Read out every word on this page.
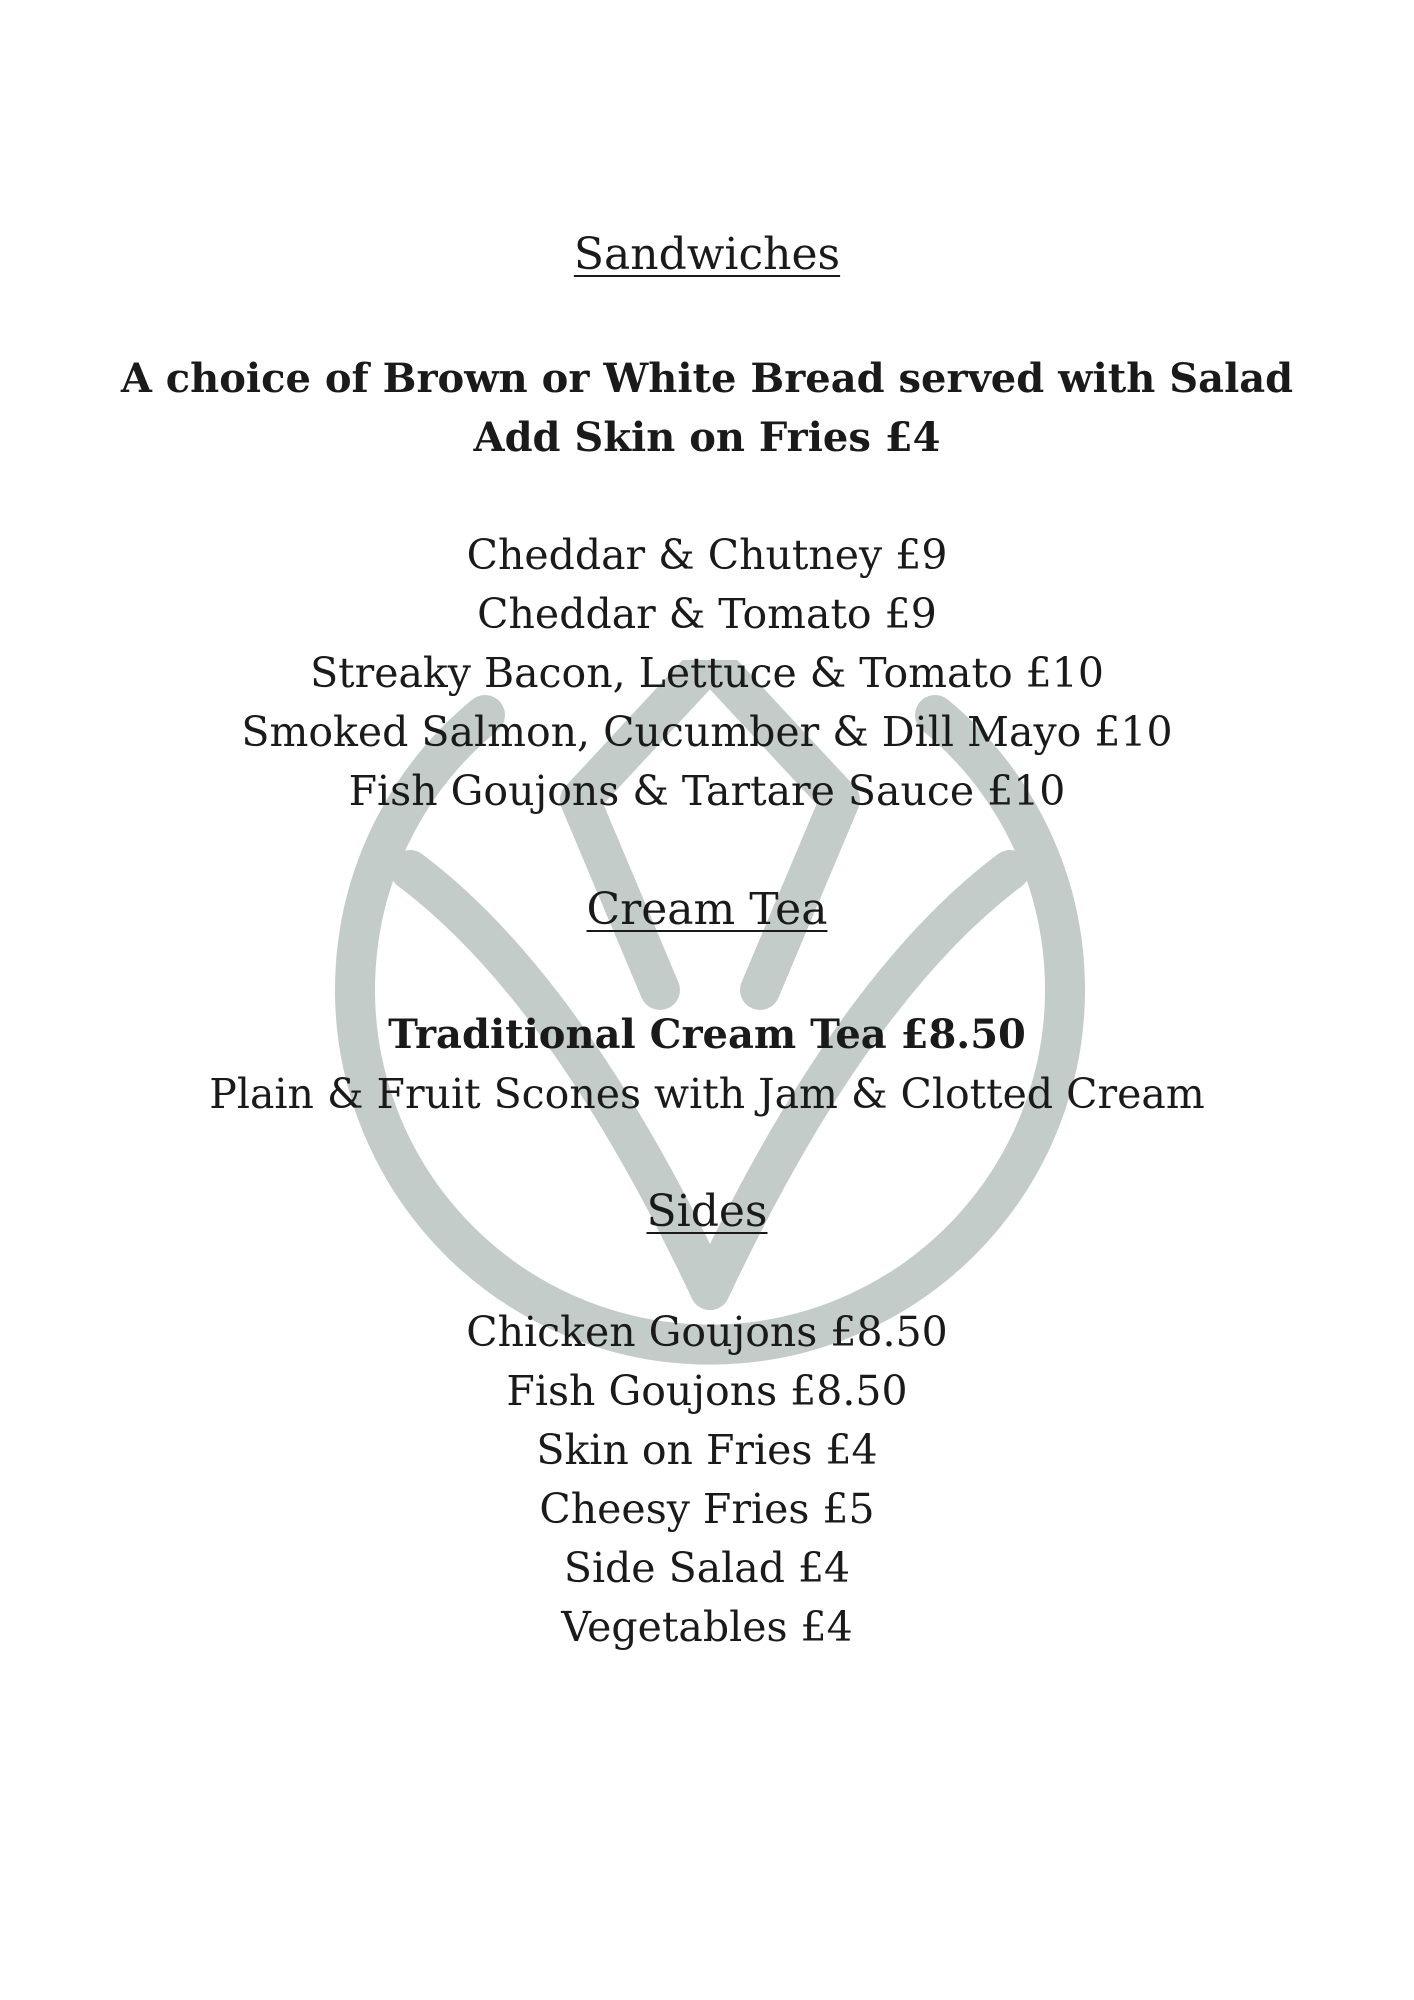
Sandwiches
A choice of Brown or White Bread served with Salad
Add Skin on Fries £4
Cheddar & Chutney £9
Cheddar & Tomato £9
Streaky Bacon, Lettuce & Tomato £10
Smoked Salmon, Cucumber & Dill Mayo £10
Fish Goujons & Tartare Sauce £10
Cream Tea
Traditional Cream Tea £8.50
Plain & Fruit Scones with Jam & Clotted Cream
Sides
Chicken Goujons £8.50
Fish Goujons £8.50
Skin on Fries £4
Cheesy Fries £5
Side Salad £4
Vegetables £4
